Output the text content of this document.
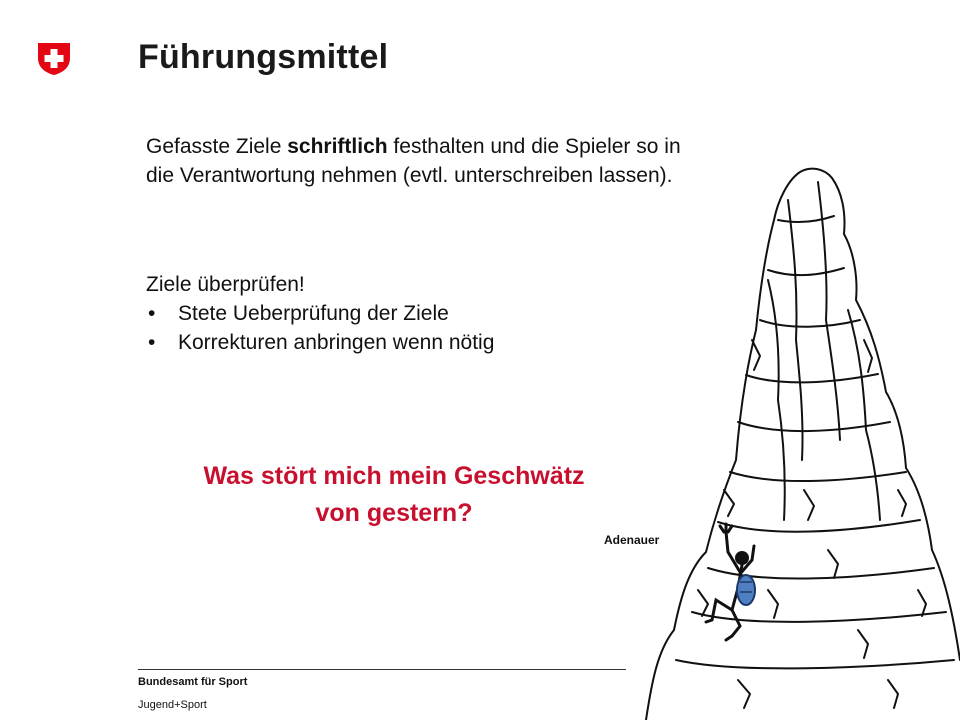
Führungsmittel
Gefasste Ziele schriftlich festhalten und die Spieler so in die Verantwortung nehmen (evtl. unterschreiben lassen).
Ziele überprüfen!
• Stete Ueberprüfung der Ziele
• Korrekturen anbringen wenn nötig
Was stört mich mein Geschwätz
von gestern?
Adenauer
Bundesamt für Sport
Jugend+Sport
